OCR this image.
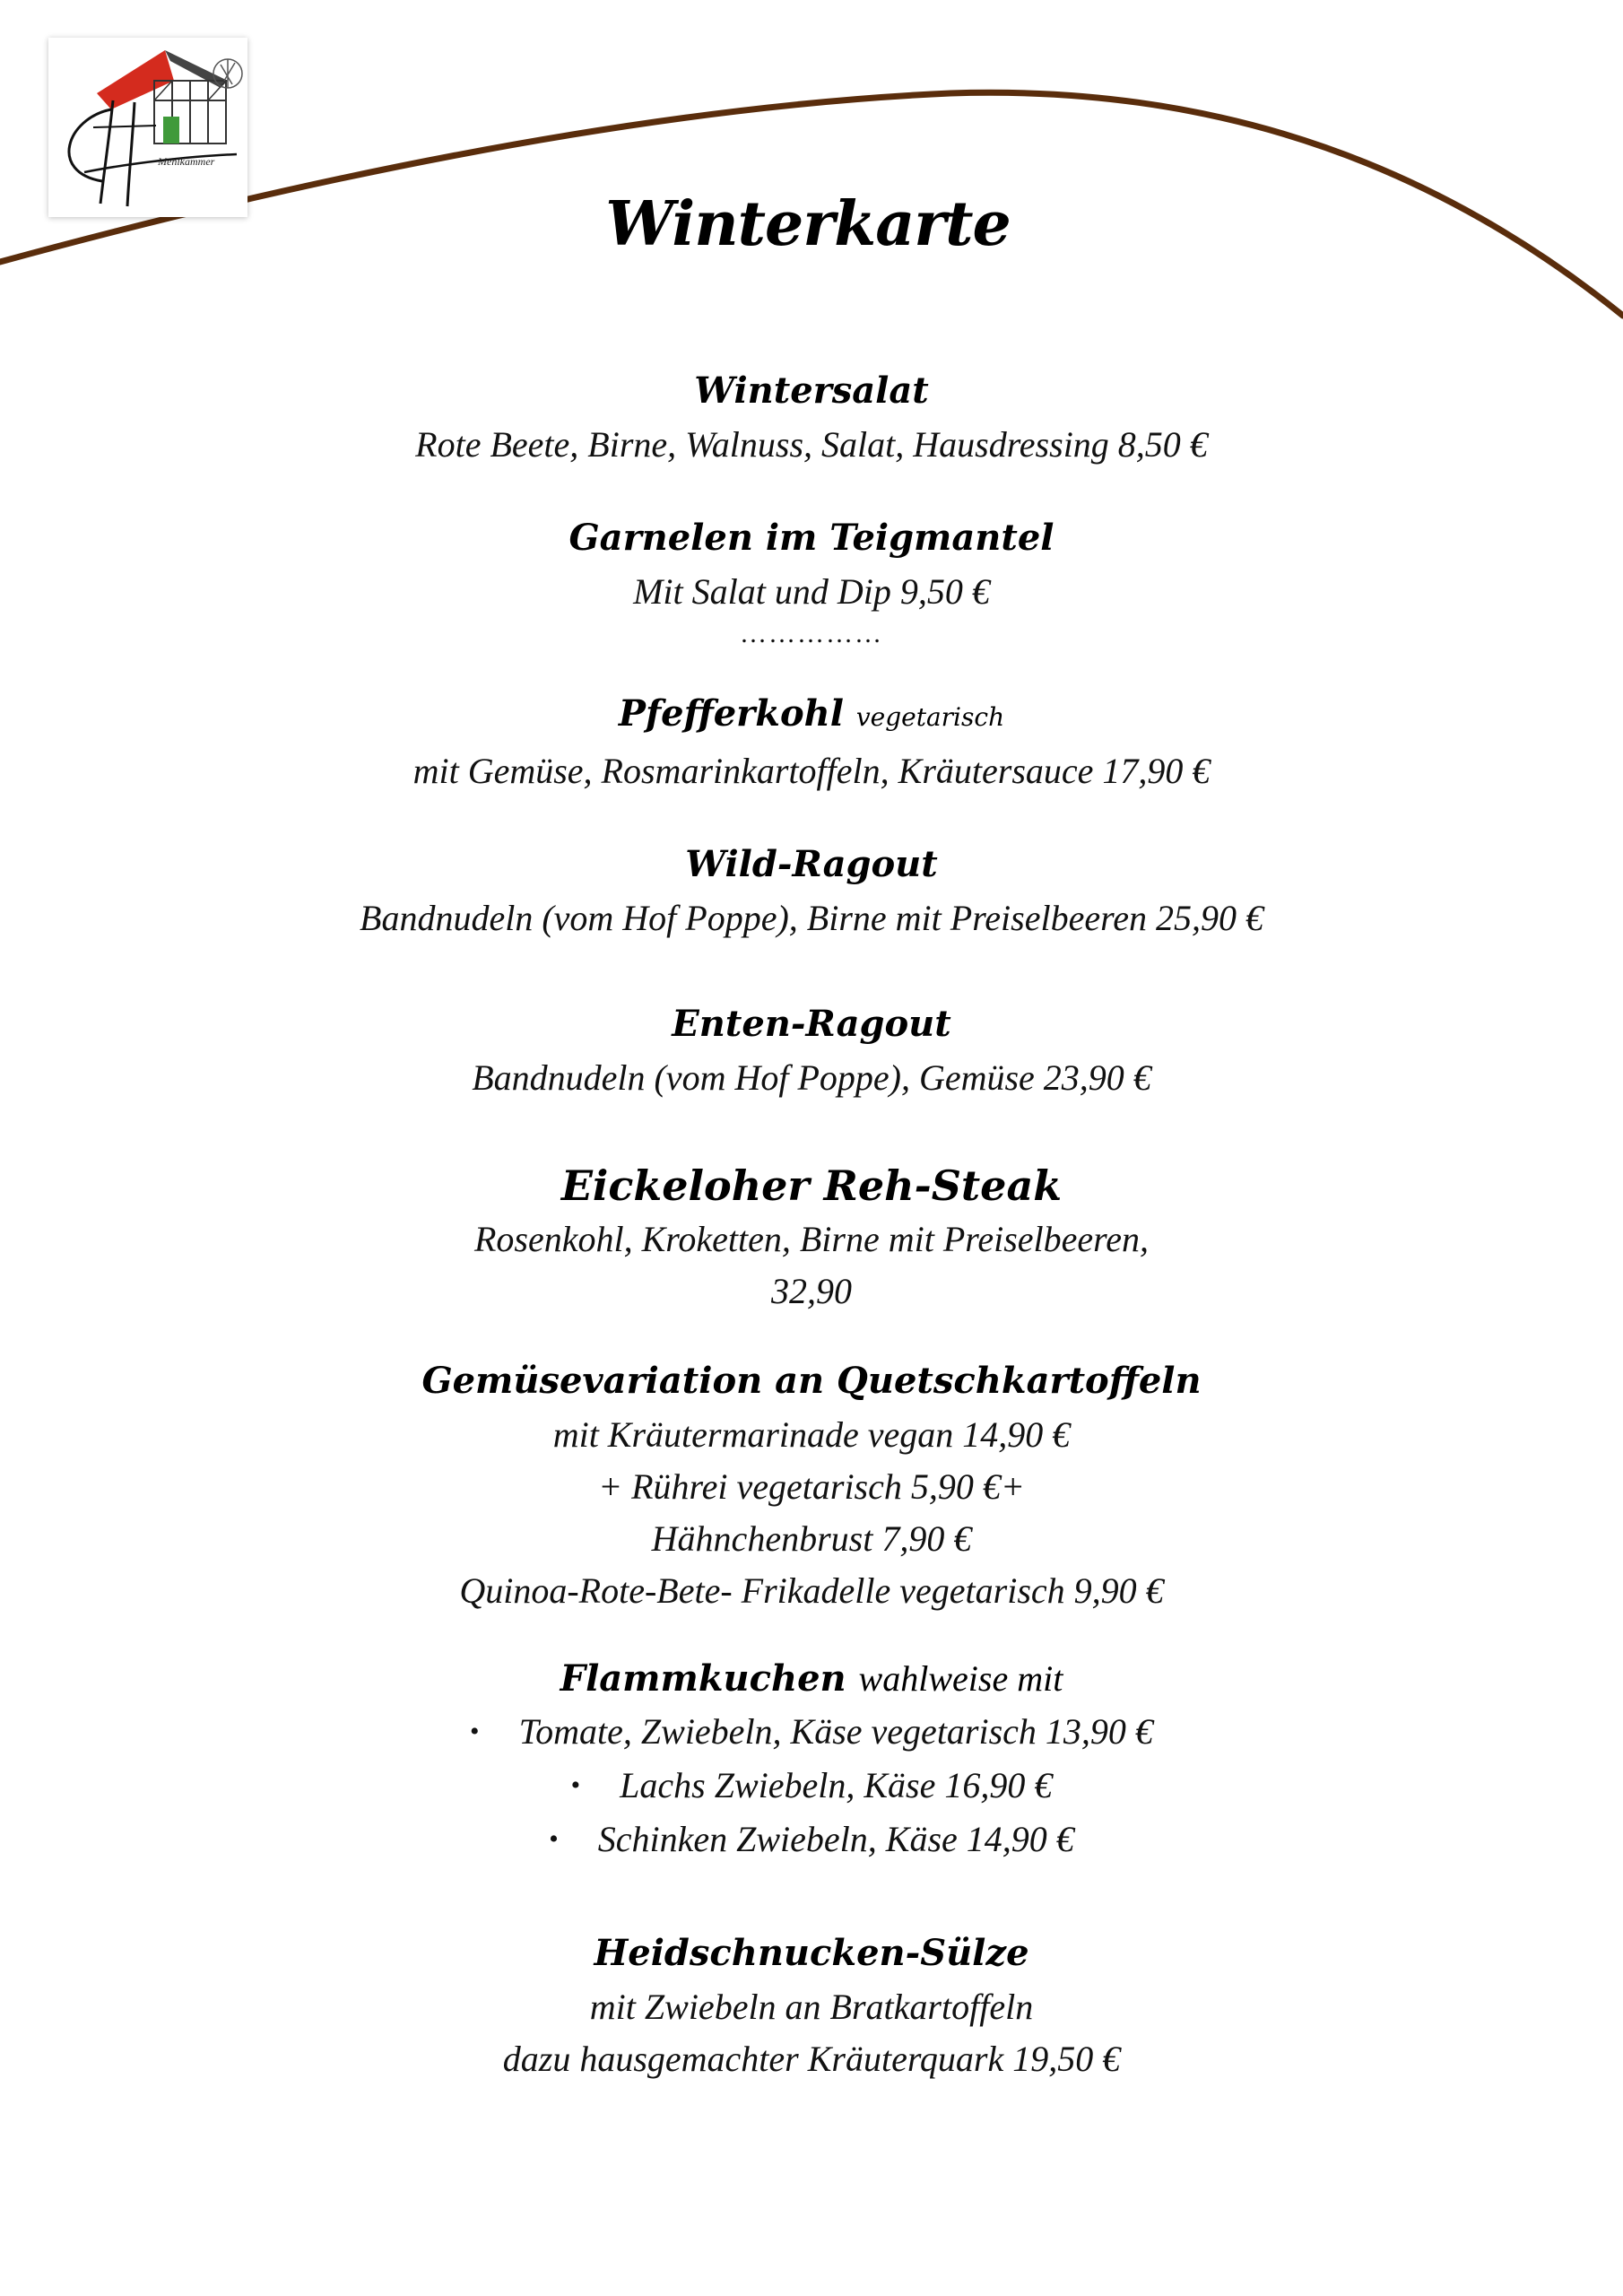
Mehlkammer
Winterkarte
Wintersalat
Rote Beete, Birne, Walnuss, Salat, Hausdressing 8,50 €
Garnelen im Teigmantel
Mit Salat und Dip 9,50 €
……………
Pfefferkohl vegetarisch
mit Gemüse, Rosmarinkartoffeln, Kräutersauce 17,90 €
Wild-Ragout
Bandnudeln (vom Hof Poppe), Birne mit Preiselbeeren 25,90 €
Enten-Ragout
Bandnudeln (vom Hof Poppe), Gemüse 23,90 €
Eickeloher Reh-Steak
Rosenkohl, Kroketten, Birne mit Preiselbeeren,
32,90
Gemüsevariation an Quetschkartoffeln
mit Kräutermarinade vegan 14,90 €
+ Rührei vegetarisch 5,90 €+
Hähnchenbrust 7,90 €
Quinoa-Rote-Bete- Frikadelle vegetarisch 9,90 €
Flammkuchen wahlweise mit
• Tomate, Zwiebeln, Käse vegetarisch 13,90 €
• Lachs Zwiebeln, Käse 16,90 €
• Schinken Zwiebeln, Käse 14,90 €
Heidschnucken-Sülze
mit Zwiebeln an Bratkartoffeln
dazu hausgemachter Kräuterquark 19,50 €
